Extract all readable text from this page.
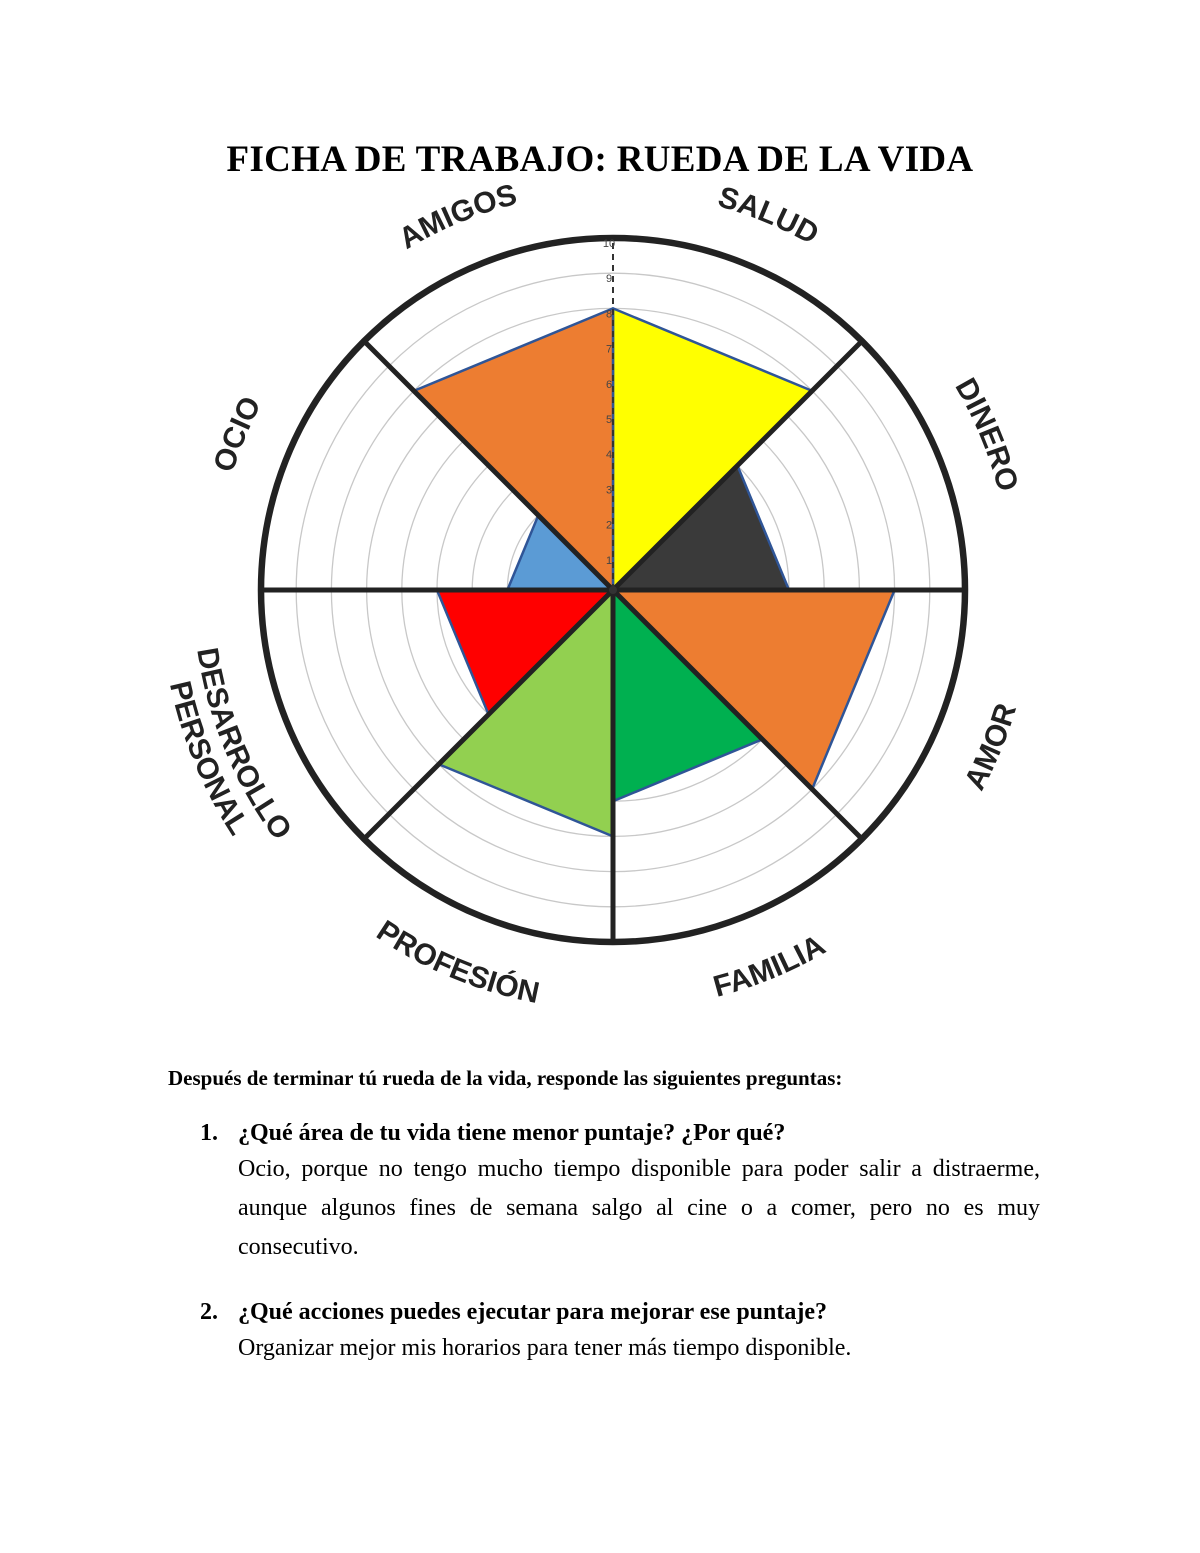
FICHA DE TRABAJO: RUEDA DE LA VIDA
1
2
3
4
5
6
7
8
9
10
SALUD
DINERO
AMOR
FAMILIA
PROFESIÓN
DESARROLLO
PERSONAL
OCIO
AMIGOS
Después de terminar tú rueda de la vida, responde las siguientes preguntas:
1. ¿Qué área de tu vida tiene menor puntaje? ¿Por qué?
Ocio, porque no tengo mucho tiempo disponible para poder salir a distraerme, aunque algunos fines de semana salgo al cine o a comer, pero no es muy consecutivo.
2. ¿Qué acciones puedes ejecutar para mejorar ese puntaje?
Organizar mejor mis horarios para tener más tiempo disponible.
